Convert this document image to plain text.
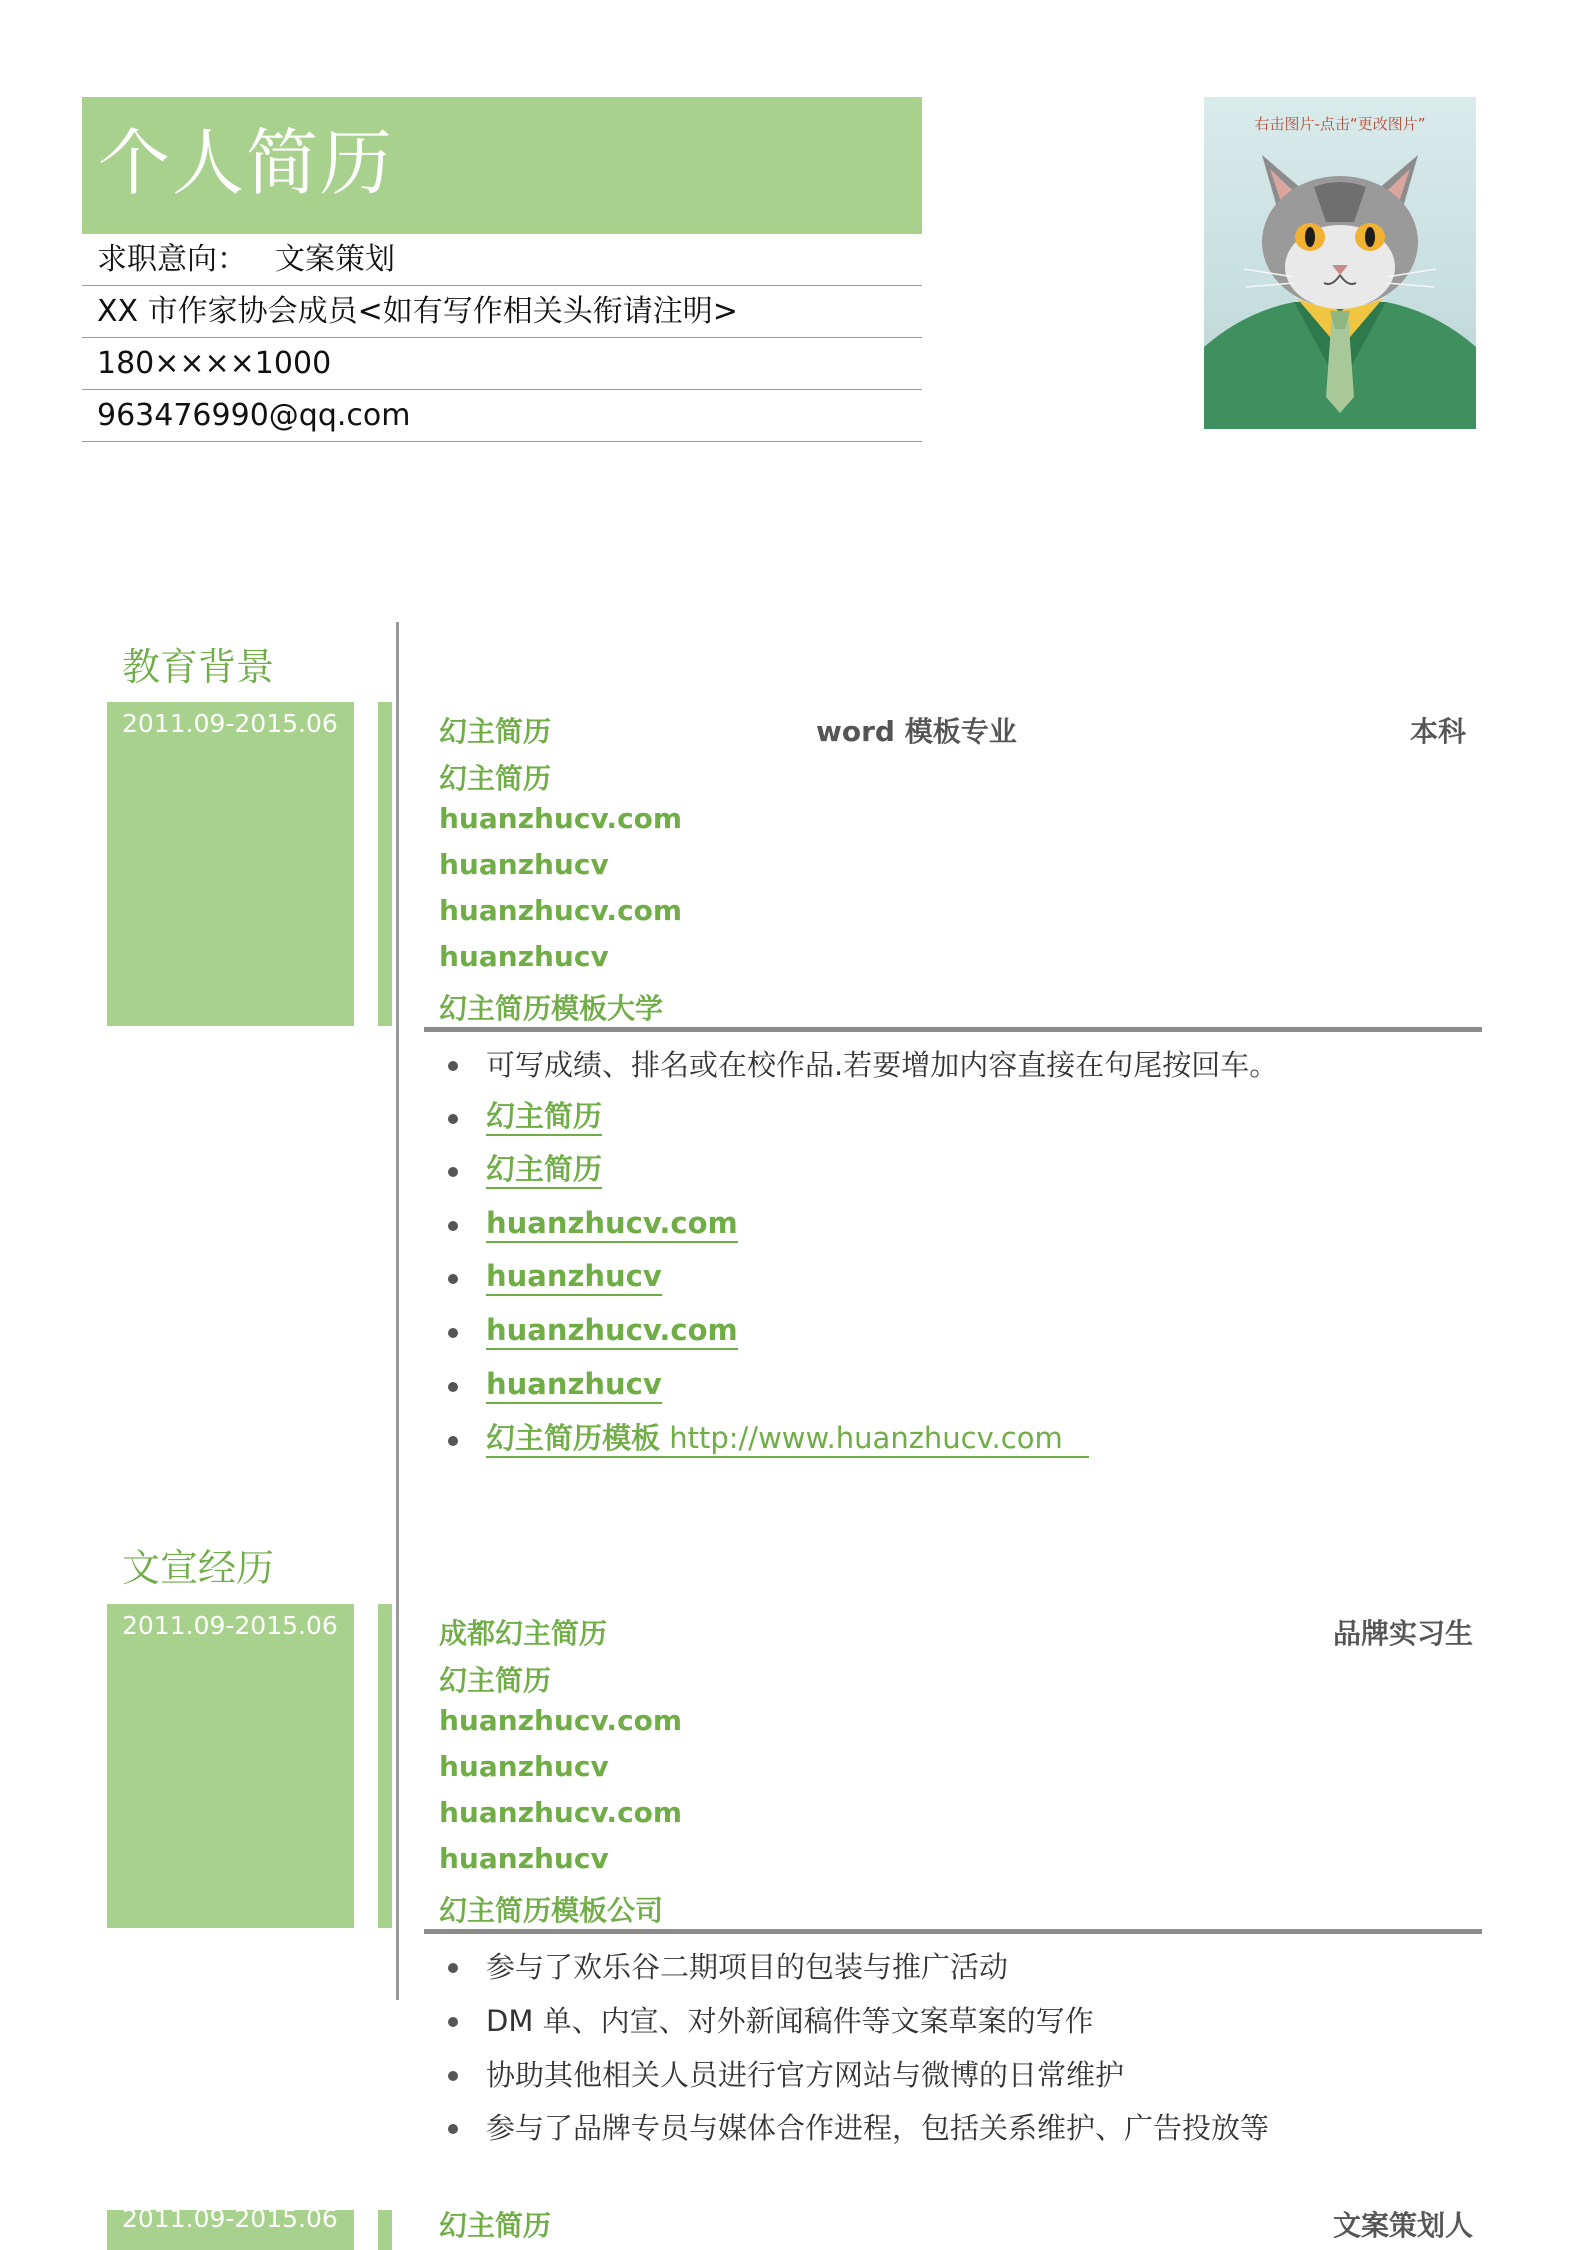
个人简历
求职意向： 文案策划
XX 市作家协会成员<如有写作相关头衔请注明>
180××××1000
963476990@qq.com
右击图片-点击“更改图片”
教育背景
2011.09-2015.06	幻主简历	word 模板专业	本科
幻主简历
huanzhucv.com
huanzhucv
huanzhucv.com
huanzhucv
幻主简历模板大学
可写成绩、排名或在校作品.若要增加内容直接在句尾按回车。
幻主简历
幻主简历
huanzhucv.com
huanzhucv
huanzhucv.com
huanzhucv
幻主简历模板 http://www.huanzhucv.com
文宣经历
2011.09-2015.06	成都幻主简历	品牌实习生
幻主简历
huanzhucv.com
huanzhucv
huanzhucv.com
huanzhucv
幻主简历模板公司
参与了欢乐谷二期项目的包装与推广活动
DM 单、内宣、对外新闻稿件等文案草案的写作
协助其他相关人员进行官方网站与微博的日常维护
参与了品牌专员与媒体合作进程，包括关系维护、广告投放等
2011.09-2015.06	幻主简历	文案策划人
